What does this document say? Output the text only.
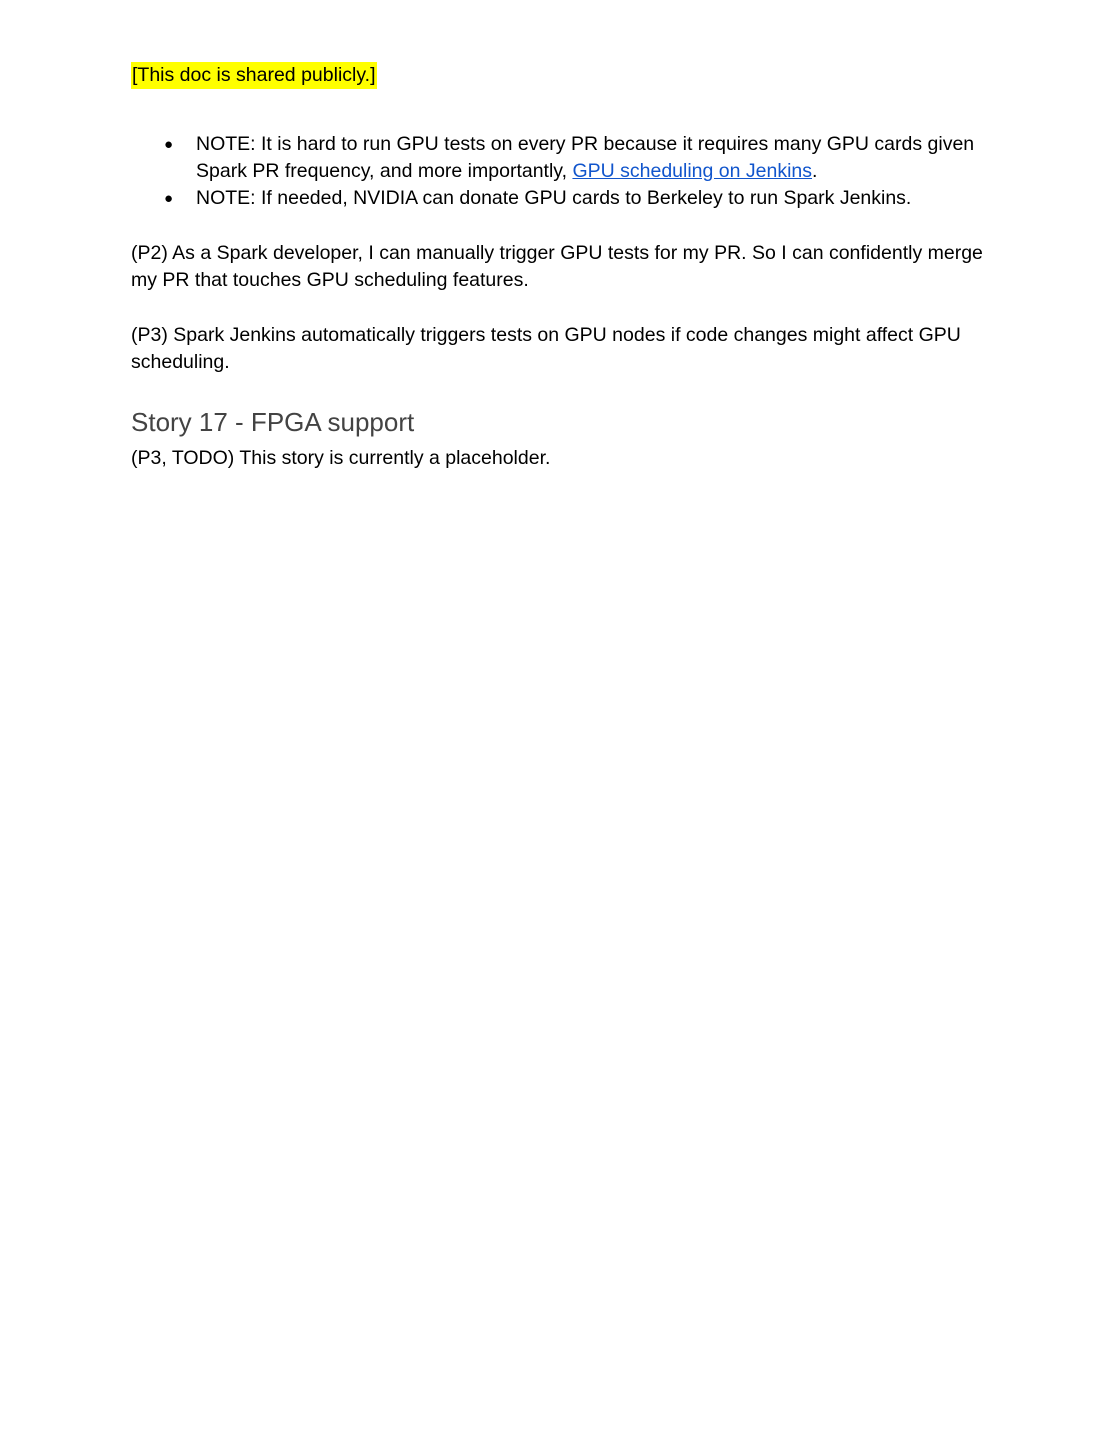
[This doc is shared publicly.]
● NOTE: It is hard to run GPU tests on every PR because it requires many GPU cards given Spark PR frequency, and more importantly, GPU scheduling on Jenkins.
● NOTE: If needed, NVIDIA can donate GPU cards to Berkeley to run Spark Jenkins.

(P2) As a Spark developer, I can manually trigger GPU tests for my PR. So I can confidently merge my PR that touches GPU scheduling features.

(P3) Spark Jenkins automatically triggers tests on GPU nodes if code changes might affect GPU scheduling.

Story 17 - FPGA support

(P3, TODO) This story is currently a placeholder.
